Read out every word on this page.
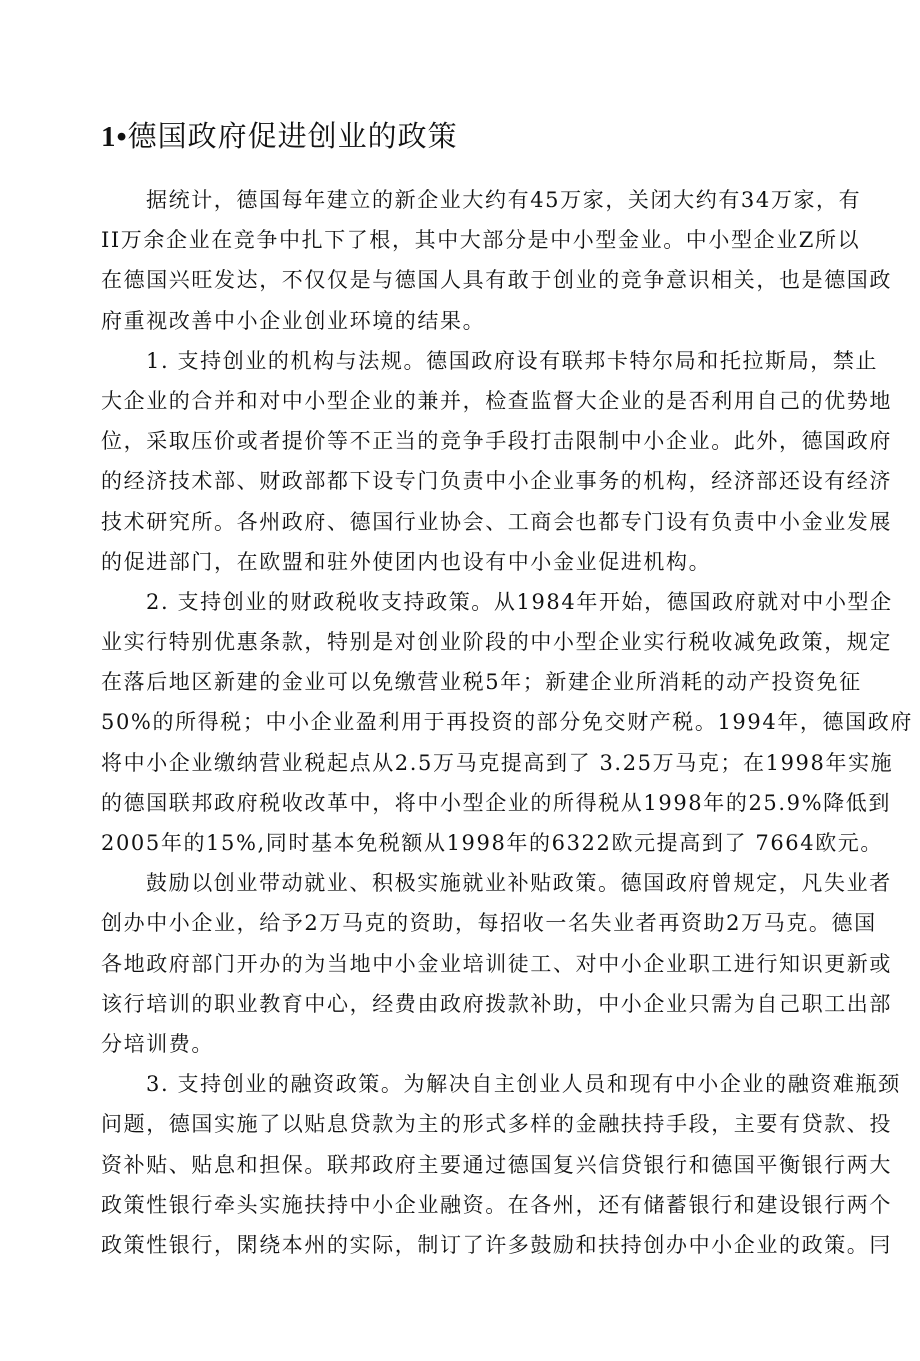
1•德国政府促进创业的政策
据统计，德国每年建立的新企业大约有45万家，关闭大约有34万家，有
II万余企业在竞争中扎下了根，其中大部分是中小型金业。中小型企业Z所以
在德国兴旺发达，不仅仅是与德国人具有敢于创业的竞争意识相关，也是德国政
府重视改善中小企业创业环境的结果。
1. 支持创业的机构与法规。德国政府设有联邦卡特尔局和托拉斯局，禁止
大企业的合并和对中小型企业的兼并，检查监督大企业的是否利用自己的优势地
位，采取压价或者提价等不正当的竞争手段打击限制中小企业。此外，德国政府
的经济技术部、财政部都下设专门负责中小企业事务的机构，经济部还设有经济
技术研究所。各州政府、德国行业协会、工商会也都专门设有负责中小金业发展
的促进部门，在欧盟和驻外使团内也设有中小金业促进机构。
2. 支持创业的财政税收支持政策。从1984年开始，德国政府就对中小型企
业实行特别优惠条款，特别是对创业阶段的中小型企业实行税收减免政策，规定
在落后地区新建的金业可以免缴营业税5年；新建企业所消耗的动产投资免征
50%的所得税；中小企业盈利用于再投资的部分免交财产税。1994年，德国政府
将中小企业缴纳营业税起点从2.5万马克提高到了 3.25万马克；在1998年实施
的德国联邦政府税收改革中，将中小型企业的所得税从1998年的25.9%降低到
2005年的15%,同时基本免税额从1998年的6322欧元提高到了 7664欧元。
鼓励以创业带动就业、积极实施就业补贴政策。德国政府曾规定，凡失业者
创办中小企业，给予2万马克的资助，每招收一名失业者再资助2万马克。德国
各地政府部门开办的为当地中小金业培训徒工、对中小企业职工进行知识更新或
该行培训的职业教育中心，经费由政府拨款补助，中小企业只需为自己职工出部
分培训费。
3. 支持创业的融资政策。为解决自主创业人员和现有中小企业的融资难瓶颈
问题，德国实施了以贴息贷款为主的形式多样的金融扶持手段，主要有贷款、投
资补贴、贴息和担保。联邦政府主要通过德国复兴信贷银行和德国平衡银行两大
政策性银行牵头实施扶持中小企业融资。在各州，还有储蓄银行和建设银行两个
政策性银行，閑绕本州的实际，制订了许多鼓励和扶持创办中小企业的政策。冃
